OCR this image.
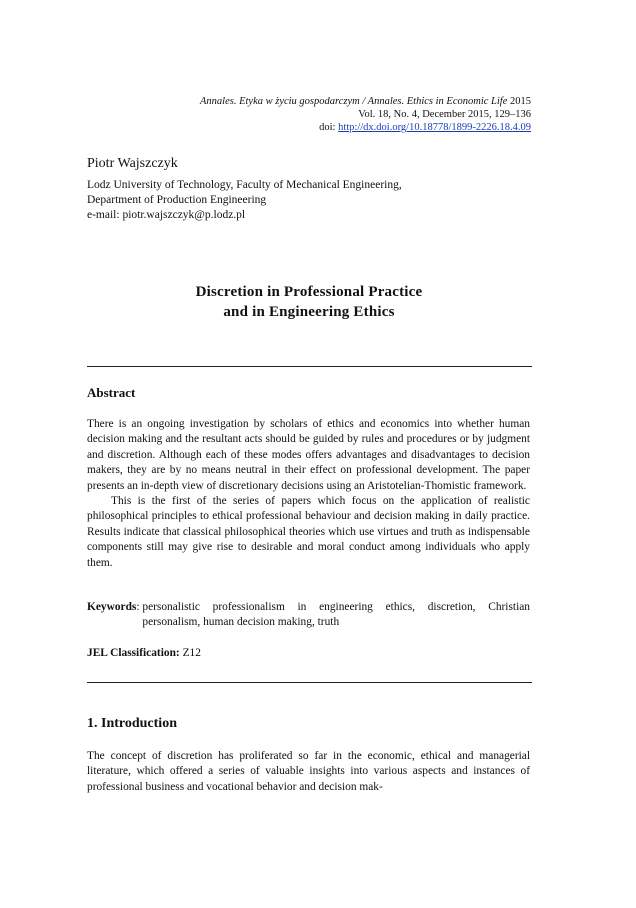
Annales. Etyka w życiu gospodarczym / Annales. Ethics in Economic Life 2015
Vol. 18, No. 4, December 2015, 129–136
doi: http://dx.doi.org/10.18778/1899-2226.18.4.09
Piotr Wajszczyk
Lodz University of Technology, Faculty of Mechanical Engineering,
Department of Production Engineering
e-mail: piotr.wajszczyk@p.lodz.pl
Discretion in Professional Practice
and in Engineering Ethics
Abstract

There is an ongoing investigation by scholars of ethics and economics into whether human decision making and the resultant acts should be guided by rules and procedures or by judgment and discretion. Although each of these modes offers advantages and disadvantages to decision makers, they are by no means neutral in their effect on professional development. The paper presents an in-depth view of discretionary decisions using an Aristotelian-Thomistic framework.

This is the first of the series of papers which focus on the application of realistic philosophical principles to ethical professional behaviour and decision making in daily practice. Results indicate that classical philosophical theories which use virtues and truth as indispensable components still may give rise to desirable and moral conduct among individuals who apply them.

Keywords : personalistic professionalism in engineering ethics, discretion, Christian personalism, human decision making, truth
JEL Classification: Z12
1. Introduction

The concept of discretion has proliferated so far in the economic, ethical and managerial literature, which offered a series of valuable insights into various aspects and instances of professional business and vocational behavior and decision mak-
